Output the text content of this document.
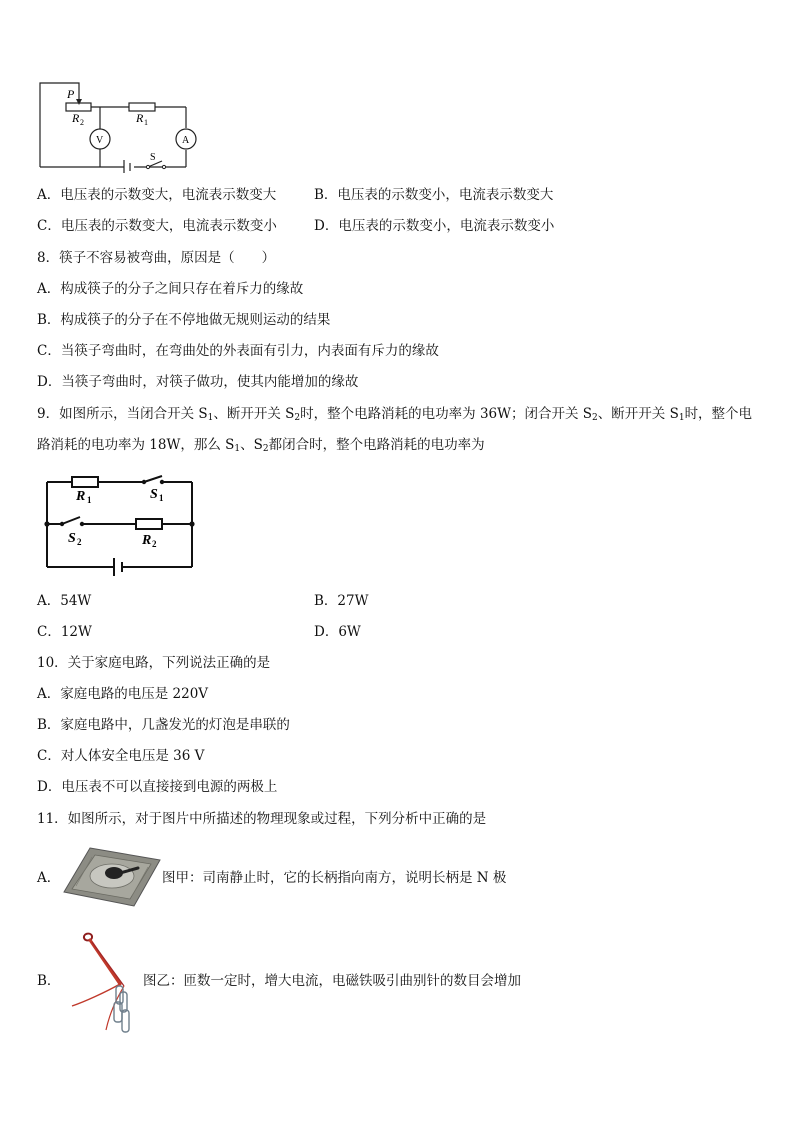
P
R 2	R 1
V	A
S
A．电压表的示数变大，电流表示数变大	B．电压表的示数变小，电流表示数变大
C．电压表的示数变大，电流表示数变小	D．电压表的示数变小，电流表示数变小
8．筷子不容易被弯曲，原因是（　　）
A．构成筷子的分子之间只存在着斥力的缘故
B．构成筷子的分子在不停地做无规则运动的结果
C．当筷子弯曲时，在弯曲处的外表面有引力，内表面有斥力的缘故
D．当筷子弯曲时，对筷子做功，使其内能增加的缘故
9．如图所示，当闭合开关 $S_1$、断开开关 $S_2$时，整个电路消耗的电功率为 36W；闭合开关 $S_2$、断开开关 $S_1$时，整个电
路消耗的电功率为 18W，那么 $S_1$、$S_2$都闭合时，整个电路消耗的电功率为
R 1	S 1
S 2	R 2
A．54W	B．27W
C．12W	D．6W
10．关于家庭电路，下列说法正确的是
A．家庭电路的电压是 220V
B．家庭电路中，几盏发光的灯泡是串联的
C．对人体安全电压是 36 V
D．电压表不可以直接接到电源的两极上
11．如图所示，对于图片中所描述的物理现象或过程，下列分析中正确的是
A．	图甲：司南静止时，它的长柄指向南方，说明长柄是 N 极
B．	图乙：匝数一定时，增大电流，电磁铁吸引曲别针的数目会增加
